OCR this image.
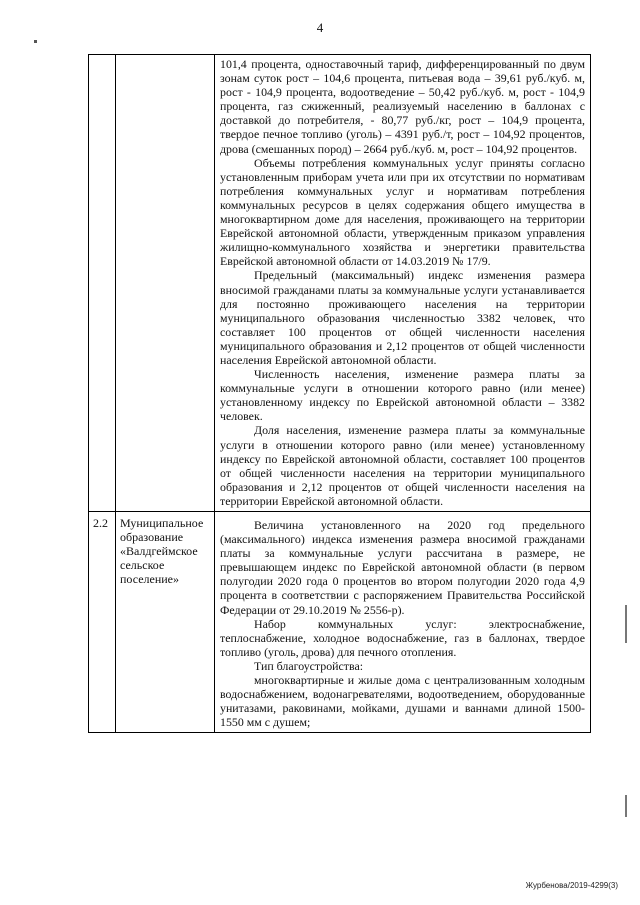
4

		101,4 процента, одноставочный тариф, дифференцированный по двум зонам суток рост – 104,6 процента, питьевая вода – 39,61 руб./куб. м, рост - 104,9 процента, водоотведение – 50,42 руб./куб. м, рост - 104,9 процента, газ сжиженный, реализуемый населению в баллонах с доставкой до потребителя, - 80,77 руб./кг, рост – 104,9 процента, твердое печное топливо (уголь) – 4391 руб./т, рост – 104,92 процентов, дрова (смешанных пород) – 2664 руб./куб. м, рост – 104,92 процентов.

Объемы потребления коммунальных услуг приняты согласно установленным приборам учета или при их отсутствии по нормативам потребления коммунальных услуг и нормативам потребления коммунальных ресурсов в целях содержания общего имущества в многоквартирном доме для населения, проживающего на территории Еврейской автономной области, утвержденным приказом управления жилищно-коммунального хозяйства и энергетики правительства Еврейской автономной области от 14.03.2019 № 17/9.

Предельный (максимальный) индекс изменения размера вносимой гражданами платы за коммунальные услуги устанавливается для постоянно проживающего населения на территории муниципального образования численностью 3382 человек, что составляет 100 процентов от общей численности населения муниципального образования и 2,12 процентов от общей численности населения Еврейской автономной области.

Численность населения, изменение размера платы за коммунальные услуги в отношении которого равно (или менее) установленному индексу по Еврейской автономной области – 3382 человек.

Доля населения, изменение размера платы за коммунальные услуги в отношении которого равно (или менее) установленному индексу по Еврейской автономной области, составляет 100 процентов от общей численности населения на территории муниципального образования и 2,12 процентов от общей численности населения на территории Еврейской автономной области.

2.2	Муниципальное образование «Валдгеймское сельское поселение»	Величина установленного на 2020 год предельного (максимального) индекса изменения размера вносимой гражданами платы за коммунальные услуги рассчитана в размере, не превышающем индекс по Еврейской автономной области (в первом полугодии 2020 года 0 процентов во втором полугодии 2020 года 4,9 процента в соответствии с распоряжением Правительства Российской Федерации от 29.10.2019 № 2556-р).

Набор коммунальных услуг: электроснабжение, теплоснабжение, холодное водоснабжение, газ в баллонах, твердое топливо (уголь, дрова) для печного отопления.

Тип благоустройства:

многоквартирные и жилые дома с централизованным холодным водоснабжением, водонагревателями, водоотведением, оборудованные унитазами, раковинами, мойками, душами и ваннами длиной 1500-1550 мм с душем;

Журбенова/2019-4299(3)
